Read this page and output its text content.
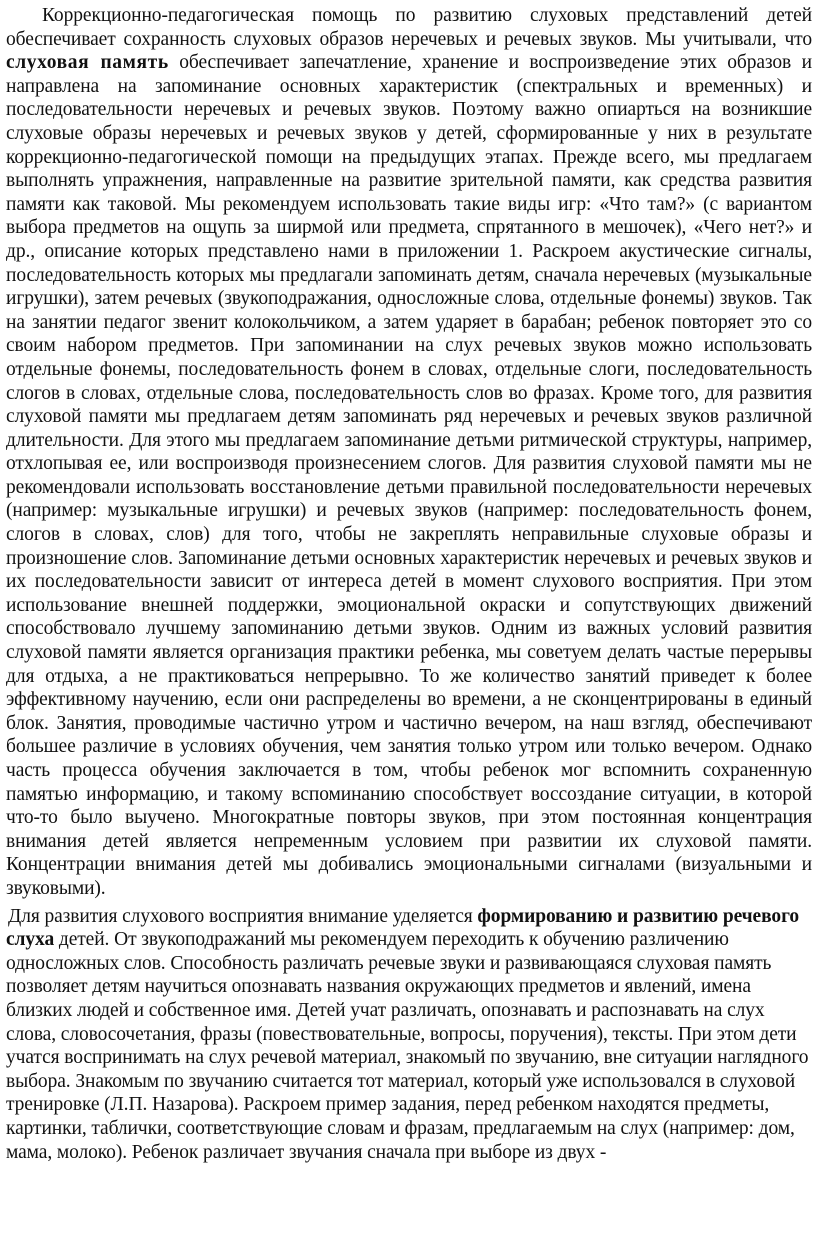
Коррекционно-педагогическая помощь по развитию слуховых представлений детей обеспечивает сохранность слуховых образов неречевых и речевых звуков. Мы учитывали, что слуховая память обеспечивает запечатление, хранение и воспроизведение этих образов и направлена на запоминание основных характеристик (спектральных и временных) и последовательности неречевых и речевых звуков. Поэтому важно опиарться на возникшие слуховые образы неречевых и речевых звуков у детей, сформированные у них в результате коррекционно-педагогической помощи на предыдущих этапах. Прежде всего, мы предлагаем выполнять упражнения, направленные на развитие зрительной памяти, как средства развития памяти как таковой. Мы рекомендуем использовать такие виды игр: «Что там?» (с вариантом выбора предметов на ощупь за ширмой или предмета, спрятанного в мешочек), «Чего нет?» и др., описание которых представлено нами в приложении 1. Раскроем акустические сигналы, последовательность которых мы предлагали запоминать детям, сначала неречевых (музыкальные игрушки), затем речевых (звукоподражания, односложные слова, отдельные фонемы) звуков. Так на занятии педагог звенит колокольчиком, а затем ударяет в барабан; ребенок повторяет это со своим набором предметов. При запоминании на слух речевых звуков можно использовать отдельные фонемы, последовательность фонем в словах, отдельные слоги, последовательность слогов в словах, отдельные слова, последовательность слов во фразах. Кроме того, для развития слуховой памяти мы предлагаем детям запоминать ряд неречевых и речевых звуков различной длительности. Для этого мы предлагаем запоминание детьми ритмической структуры, например, отхлопывая ее, или воспроизводя произнесением слогов. Для развития слуховой памяти мы не рекомендовали использовать восстановление детьми правильной последовательности неречевых (например: музыкальные игрушки) и речевых звуков (например: последовательность фонем, слогов в словах, слов) для того, чтобы не закреплять неправильные слуховые образы и произношение слов. Запоминание детьми основных характеристик неречевых и речевых звуков и их последовательности зависит от интереса детей в момент слухового восприятия. При этом использование внешней поддержки, эмоциональной окраски и сопутствующих движений способствовало лучшему запоминанию детьми звуков. Одним из важных условий развития слуховой памяти является организация практики ребенка, мы советуем делать частые перерывы для отдыха, а не практиковаться непрерывно. То же количество занятий приведет к более эффективному научению, если они распределены во времени, а не сконцентрированы в единый блок. Занятия, проводимые частично утром и частично вечером, на наш взгляд, обеспечивают большее различие в условиях обучения, чем занятия только утром или только вечером. Однако часть процесса обучения заключается в том, чтобы ребенок мог вспомнить сохраненную памятью информацию, и такому вспоминанию способствует воссоздание ситуации, в которой что-то было выучено. Многократные повторы звуков, при этом постоянная концентрация внимания детей является непременным условием при развитии их слуховой памяти. Концентрации внимания детей мы добивались эмоциональными сигналами (визуальными и звуковыми).

Для развития слухового восприятия внимание уделяется формированию и развитию речевого слуха детей. От звукоподражаний мы рекомендуем переходить к обучению различению односложных слов. Способность различать речевые звуки и развивающаяся слуховая память позволяет детям научиться опознавать названия окружающих предметов и явлений, имена близких людей и собственное имя. Детей учат различать, опознавать и распознавать на слух слова, словосочетания, фразы (повествовательные, вопросы, поручения), тексты. При этом дети учатся воспринимать на слух речевой материал, знакомый по звучанию, вне ситуации наглядного выбора. Знакомым по звучанию считается тот материал, который уже использовался в слуховой тренировке (Л.П. Назарова). Раскроем пример задания, перед ребенком находятся предметы, картинки, таблички, соответствующие словам и фразам, предлагаемым на слух (например: дом, мама, молоко). Ребенок различает звучания сначала при выборе из двух -
